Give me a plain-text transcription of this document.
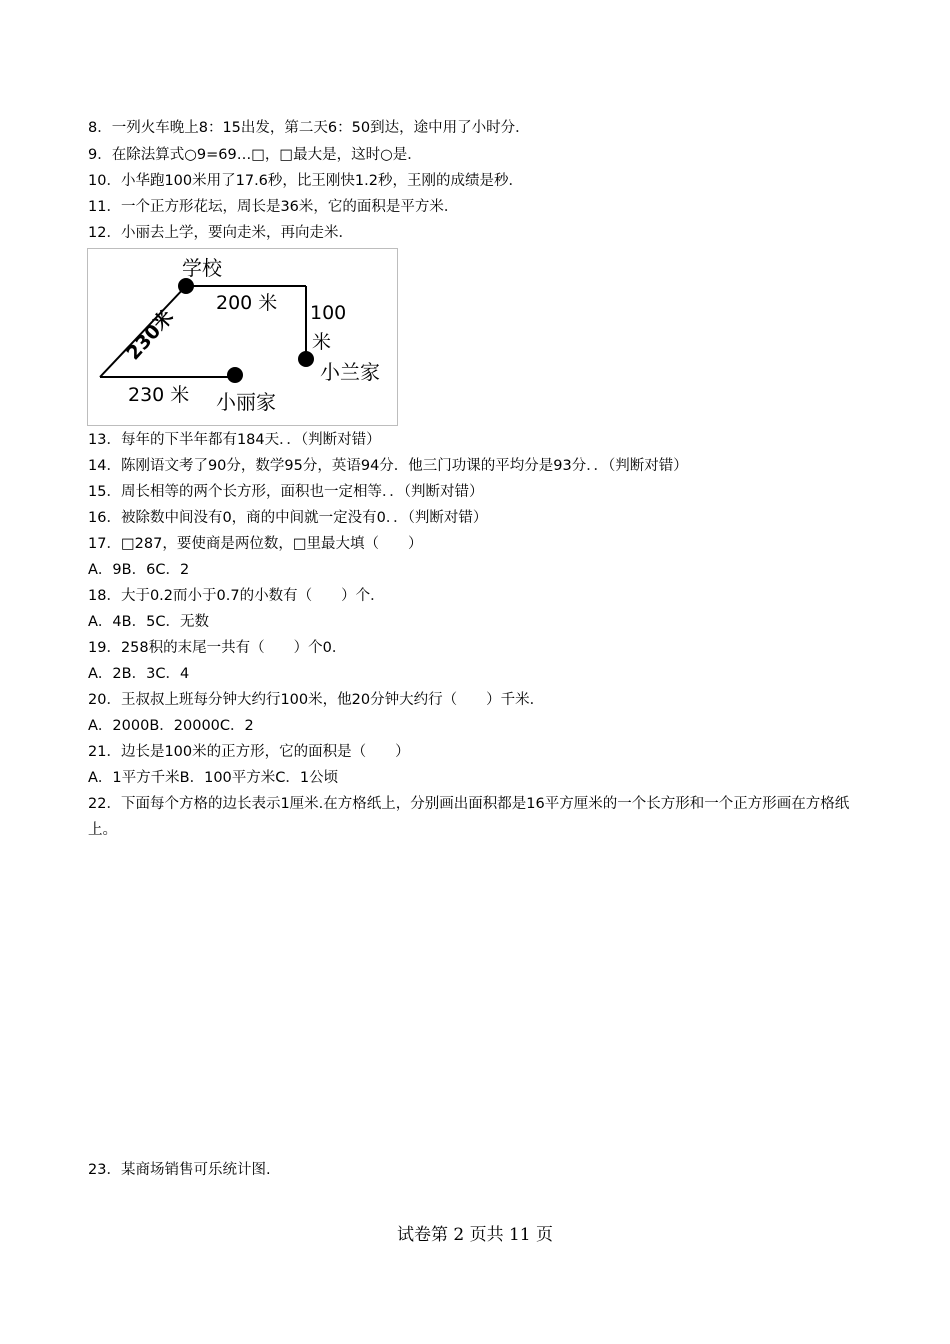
8．一列火车晚上8：15出发，第二天6：50到达，途中用了小时分．
9．在除法算式○9=69…□，□最大是，这时○是．
10．小华跑100米用了17.6秒，比王刚快1.2秒，王刚的成绩是秒．
11．一个正方形花坛，周长是36米，它的面积是平方米．
12．小丽去上学，要向走米，再向走米．
学校
200 米 100
米
小兰家
230米
230 米 小丽家
13．每年的下半年都有184天．．（判断对错）
14．陈刚语文考了90分，数学95分，英语94分．他三门功课的平均分是93分．．（判断对错）
15．周长相等的两个长方形，面积也一定相等．．（判断对错）
16．被除数中间没有0，商的中间就一定没有0．．（判断对错）
17．□287，要使商是两位数，□里最大填（　　）
A．9B．6C．2
18．大于0.2而小于0.7的小数有（　　）个．
A．4B．5C．无数
19．258积的末尾一共有（　　）个0．
A．2B．3C．4
20．王叔叔上班每分钟大约行100米，他20分钟大约行（　　）千米．
A．2000B．20000C．2
21．边长是100米的正方形，它的面积是（　　）
A．1平方千米B．100平方米C．1公顷
22．下面每个方格的边长表示1厘米.在方格纸上，分别画出面积都是16平方厘米的一个长方形和一个正方形画在方格纸上。
23．某商场销售可乐统计图.
试卷第 2 页共 11 页
